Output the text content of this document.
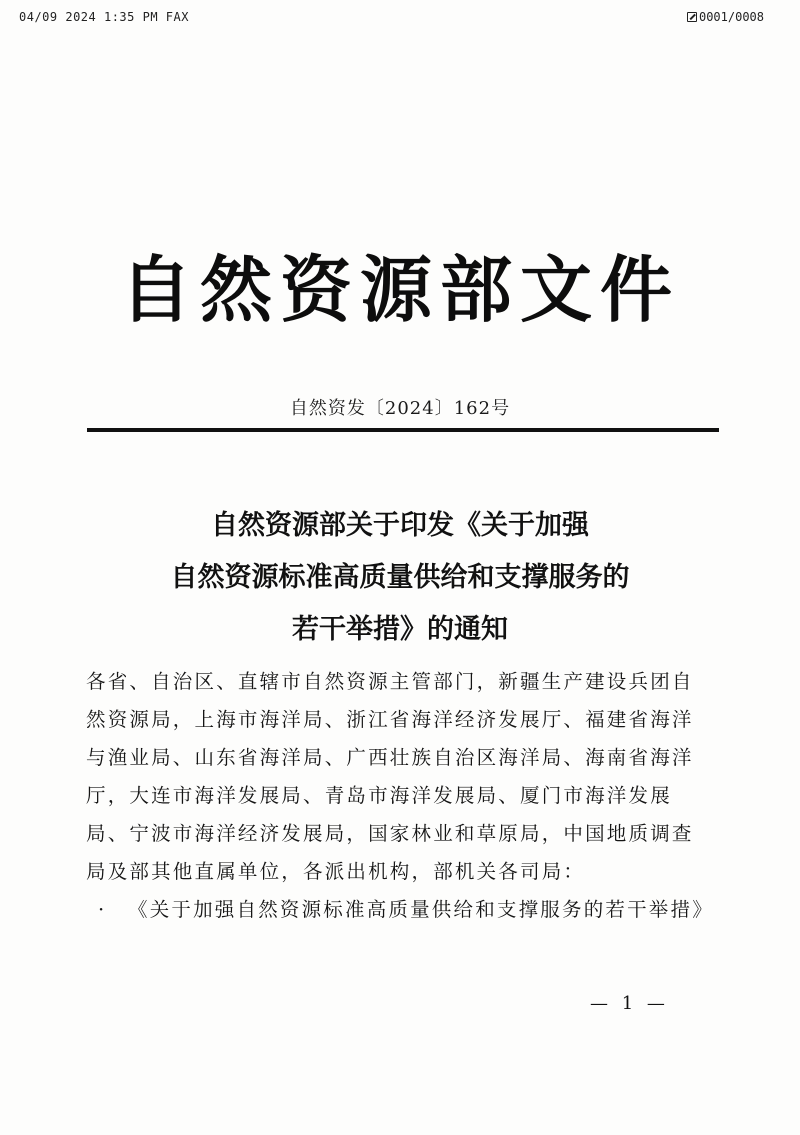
04/09 2024 1:35 PM FAX	0001/0008
自然资源部文件
自然资发〔2024〕162号
自然资源部关于印发《关于加强
自然资源标准高质量供给和支撑服务的
若干举措》的通知
各省、自治区、直辖市自然资源主管部门，新疆生产建设兵团自
然资源局，上海市海洋局、浙江省海洋经济发展厅、福建省海洋
与渔业局、山东省海洋局、广西壮族自治区海洋局、海南省海洋
厅，大连市海洋发展局、青岛市海洋发展局、厦门市海洋发展
局、宁波市海洋经济发展局，国家林业和草原局，中国地质调查
局及部其他直属单位，各派出机构，部机关各司局：
· 《关于加强自然资源标准高质量供给和支撑服务的若干举措》
— 1 —
